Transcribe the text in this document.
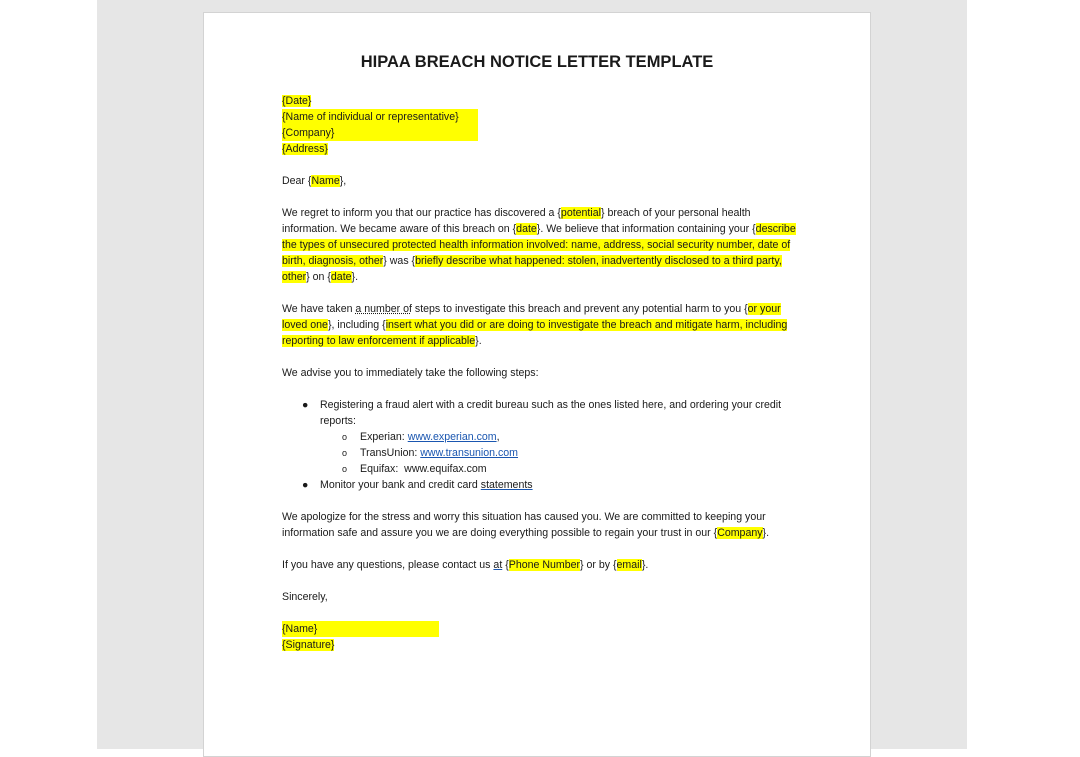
HIPAA BREACH NOTICE LETTER TEMPLATE
{Date}
{Name of individual or representative}
{Company}
{Address}

Dear {Name},

We regret to inform you that our practice has discovered a {potential} breach of your personal health information. We became aware of this breach on {date}. We believe that information containing your {describe the types of unsecured protected health information involved: name, address, social security number, date of birth, diagnosis, other} was {briefly describe what happened: stolen, inadvertently disclosed to a third party, other} on {date}.

We have taken a number of steps to investigate this breach and prevent any potential harm to you {or your loved one}, including {insert what you did or are doing to investigate the breach and mitigate harm, including reporting to law enforcement if applicable}.

We advise you to immediately take the following steps:

● Registering a fraud alert with a credit bureau such as the ones listed here, and ordering your credit reports:
o Experian: www.experian.com,
o TransUnion: www.transunion.com
o Equifax:  www.equifax.com
● Monitor your bank and credit card statements

We apologize for the stress and worry this situation has caused you. We are committed to keeping your information safe and assure you we are doing everything possible to regain your trust in our {Company}.

If you have any questions, please contact us at {Phone Number} or by {email}.

Sincerely,

{Name}
{Signature}
